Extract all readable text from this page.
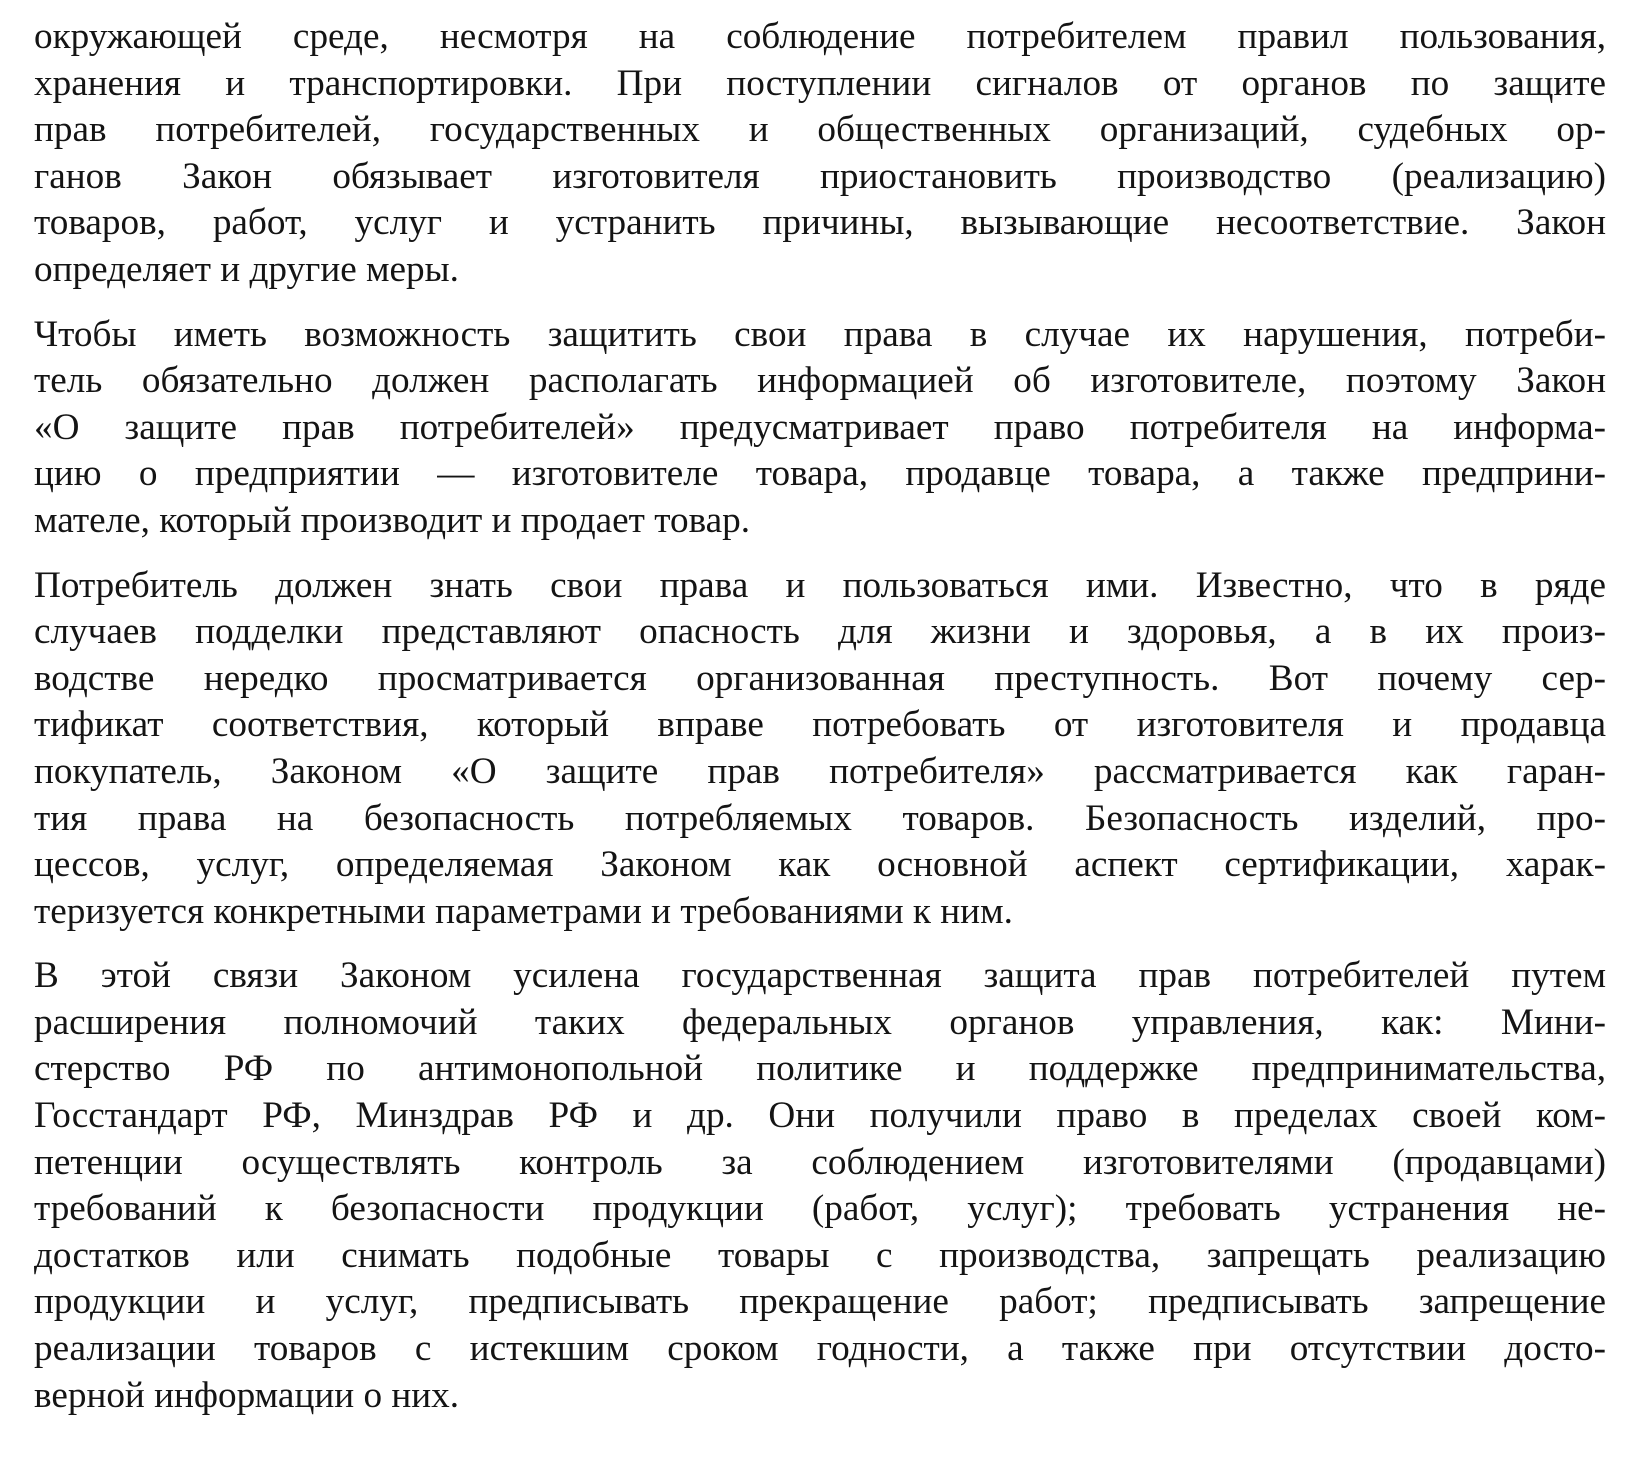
окружающей среде, несмотря на соблюдение потребителем правил пользования,
хранения и транспортировки. При поступлении сигналов от органов по защите
прав потребителей, государственных и общественных организаций, судебных ор-
ганов Закон обязывает изготовителя приостановить производство (реализацию)
товаров, работ, услуг и устранить причины, вызывающие несоответствие. Закон
определяет и другие меры.

Чтобы иметь возможность защитить свои права в случае их нарушения, потреби-
тель обязательно должен располагать информацией об изготовителе, поэтому Закон
«О защите прав потребителей» предусматривает право потребителя на информа-
цию о предприятии — изготовителе товара, продавце товара, а также предприни-
мателе, который производит и продает товар.

Потребитель должен знать свои права и пользоваться ими. Известно, что в ряде
случаев подделки представляют опасность для жизни и здоровья, а в их произ-
водстве нередко просматривается организованная преступность. Вот почему сер-
тификат соответствия, который вправе потребовать от изготовителя и продавца
покупатель, Законом «О защите прав потребителя» рассматривается как гаран-
тия права на безопасность потребляемых товаров. Безопасность изделий, про-
цессов, услуг, определяемая Законом как основной аспект сертификации, харак-
теризуется конкретными параметрами и требованиями к ним.

В этой связи Законом усилена государственная защита прав потребителей путем
расширения полномочий таких федеральных органов управления, как: Мини-
стерство РФ по антимонопольной политике и поддержке предпринимательства,
Госстандарт РФ, Минздрав РФ и др. Они получили право в пределах своей ком-
петенции осуществлять контроль за соблюдением изготовителями (продавцами)
требований к безопасности продукции (работ, услуг); требовать устранения не-
достатков или снимать подобные товары с производства, запрещать реализацию
продукции и услуг, предписывать прекращение работ; предписывать запрещение
реализации товаров с истекшим сроком годности, а также при отсутствии досто-
верной информации о них.
